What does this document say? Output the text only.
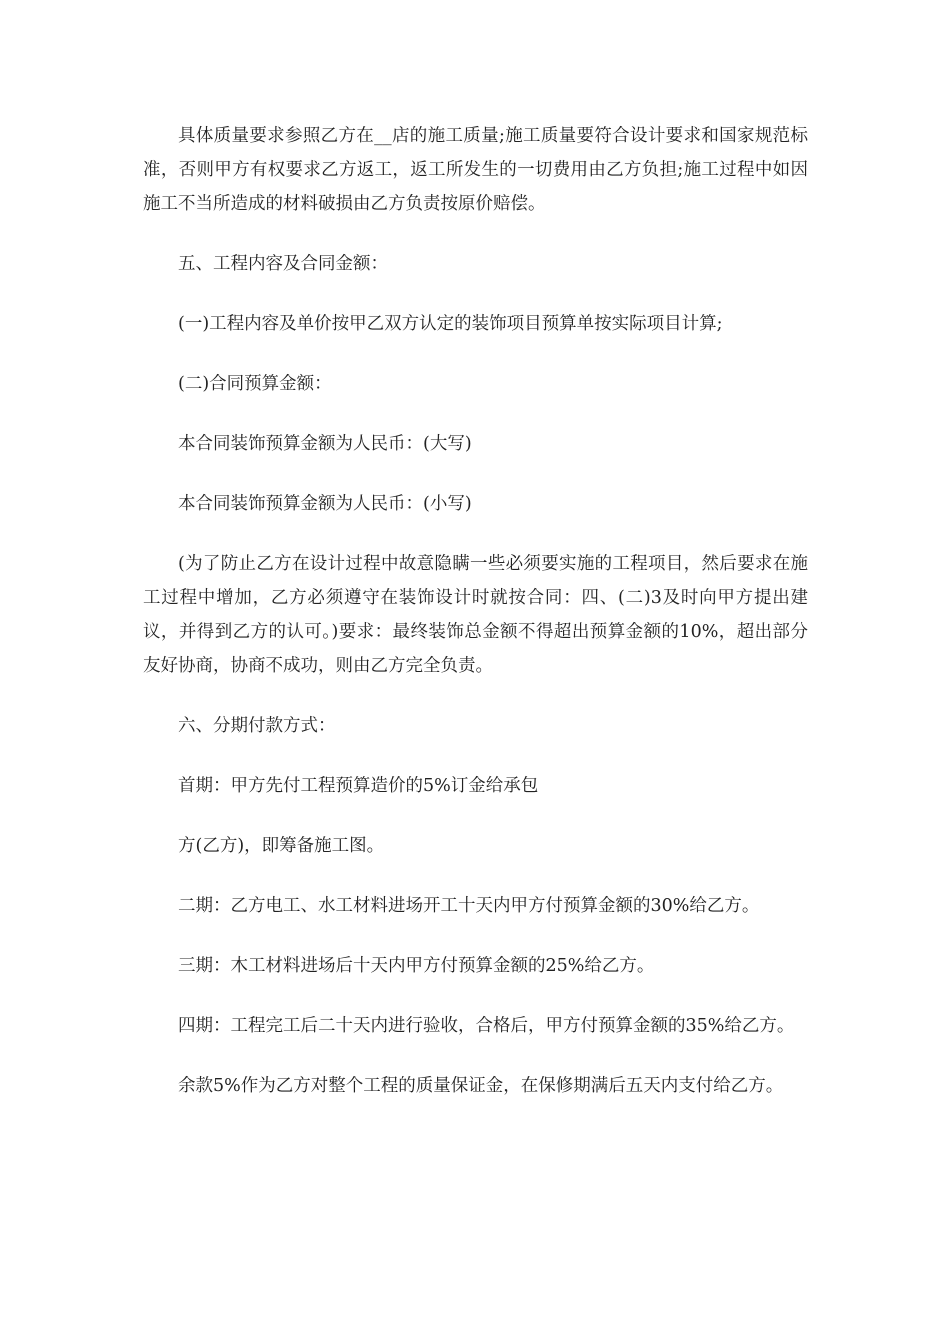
具体质量要求参照乙方在__店的施工质量;施工质量要符合设计要求和国家规范标准，否则甲方有权要求乙方返工，返工所发生的一切费用由乙方负担;施工过程中如因施工不当所造成的材料破损由乙方负责按原价赔偿。

五、工程内容及合同金额：

(一)工程内容及单价按甲乙双方认定的装饰项目预算单按实际项目计算;

(二)合同预算金额：

本合同装饰预算金额为人民币：(大写)

本合同装饰预算金额为人民币：(小写)

(为了防止乙方在设计过程中故意隐瞒一些必须要实施的工程项目，然后要求在施工过程中增加，乙方必须遵守在装饰设计时就按合同：四、(二)3及时向甲方提出建议，并得到乙方的认可。)要求：最终装饰总金额不得超出预算金额的10%，超出部分友好协商，协商不成功，则由乙方完全负责。

六、分期付款方式：

首期：甲方先付工程预算造价的5%订金给承包

方(乙方)，即筹备施工图。

二期：乙方电工、水工材料进场开工十天内甲方付预算金额的30%给乙方。

三期：木工材料进场后十天内甲方付预算金额的25%给乙方。

四期：工程完工后二十天内进行验收，合格后，甲方付预算金额的35%给乙方。

余款5%作为乙方对整个工程的质量保证金，在保修期满后五天内支付给乙方。
